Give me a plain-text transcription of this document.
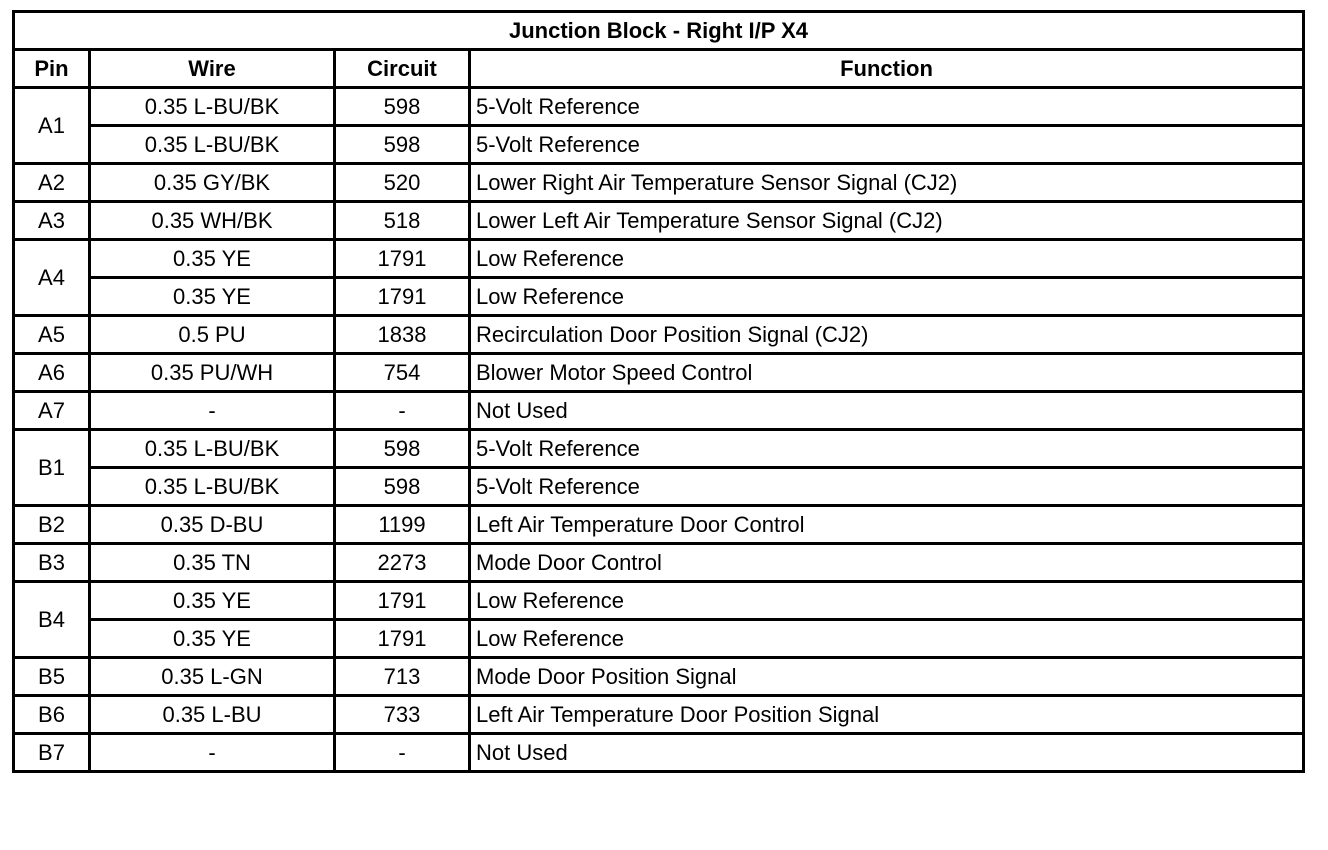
Junction Block - Right I/P X4			
Pin	Wire	Circuit	Function
A1	0.35 L-BU/BK	598	5-Volt Reference
	0.35 L-BU/BK	598	5-Volt Reference
A2	0.35 GY/BK	520	Lower Right Air Temperature Sensor Signal (CJ2)
A3	0.35 WH/BK	518	Lower Left Air Temperature Sensor Signal (CJ2)
A4	0.35 YE	1791	Low Reference
	0.35 YE	1791	Low Reference
A5	0.5 PU	1838	Recirculation Door Position Signal (CJ2)
A6	0.35 PU/WH	754	Blower Motor Speed Control
A7	-	-	Not Used
B1	0.35 L-BU/BK	598	5-Volt Reference
	0.35 L-BU/BK	598	5-Volt Reference
B2	0.35 D-BU	1199	Left Air Temperature Door Control
B3	0.35 TN	2273	Mode Door Control
B4	0.35 YE	1791	Low Reference
	0.35 YE	1791	Low Reference
B5	0.35 L-GN	713	Mode Door Position Signal
B6	0.35 L-BU	733	Left Air Temperature Door Position Signal
B7	-	-	Not Used
